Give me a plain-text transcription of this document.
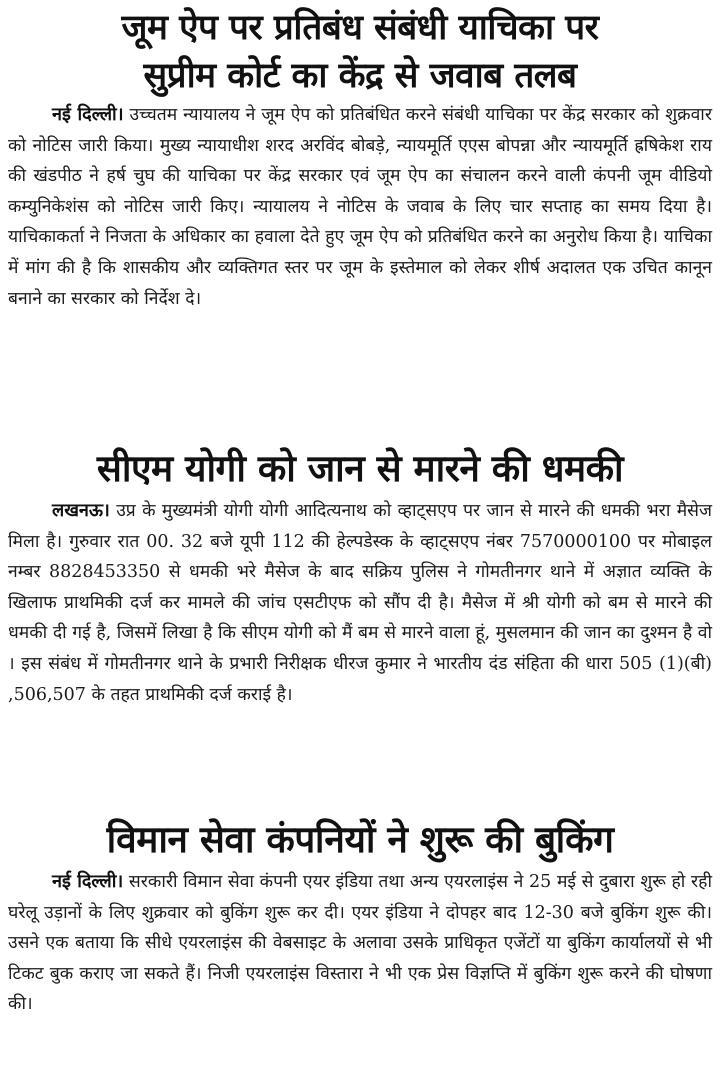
जूम ऐप पर प्रतिबंध संबंधी याचिका पर
सुप्रीम कोर्ट का केंद्र से जवाब तलब

नई दिल्ली। उच्चतम न्यायालय ने जूम ऐप को प्रतिबंधित करने संबंधी याचिका पर केंद्र सरकार को शुक्रवार को नोटिस जारी किया। मुख्य न्यायाधीश शरद अरविंद बोबड़े, न्यायमूर्ति एएस बोपन्ना और न्यायमूर्ति ह्रषिकेश राय की खंडपीठ ने हर्ष चुघ की याचिका पर केंद्र सरकार एवं जूम ऐप का संचालन करने वाली कंपनी जूम वीडियो कम्युनिकेशंस को नोटिस जारी किए। न्यायालय ने नोटिस के जवाब के लिए चार सप्ताह का समय दिया है। याचिकाकर्ता ने निजता के अधिकार का हवाला देते हुए जूम ऐप को प्रतिबंधित करने का अनुरोध किया है। याचिका में मांग की है कि शासकीय और व्यक्तिगत स्तर पर जूम के इस्तेमाल को लेकर शीर्ष अदालत एक उचित कानून बनाने का सरकार को निर्देश दे।

सीएम योगी को जान से मारने की धमकी

लखनऊ। उप्र के मुख्यमंत्री योगी योगी आदित्यनाथ को व्हाट्सएप पर जान से मारने की धमकी भरा मैसेज मिला है। गुरुवार रात 00. 32 बजे यूपी 112 की हेल्पडेस्क के व्हाट्सएप नंबर 7570000100 पर मोबाइल नम्बर 8828453350 से धमकी भरे मैसेज के बाद सक्रिय पुलिस ने गोमतीनगर थाने में अज्ञात व्यक्ति के खिलाफ प्राथमिकी दर्ज कर मामले की जांच एसटीएफ को सौंप दी है। मैसेज में श्री योगी को बम से मारने की धमकी दी गई है, जिसमें लिखा है कि सीएम योगी को मैं बम से मारने वाला हूं, मुसलमान की जान का दुश्मन है वो । इस संबंध में गोमतीनगर थाने के प्रभारी निरीक्षक धीरज कुमार ने भारतीय दंड संहिता की धारा 505 (1)(बी) ,506,507 के तहत प्राथमिकी दर्ज कराई है।

विमान सेवा कंपनियों ने शुरू की बुकिंग

नई दिल्ली। सरकारी विमान सेवा कंपनी एयर इंडिया तथा अन्य एयरलाइंस ने 25 मई से दुबारा शुरू हो रही घरेलू उड़ानों के लिए शुक्रवार को बुकिंग शुरू कर दी। एयर इंडिया ने दोपहर बाद 12-30 बजे बुकिंग शुरू की। उसने एक बताया कि सीधे एयरलाइंस की वेबसाइट के अलावा उसके प्राधिकृत एजेंटों या बुकिंग कार्यालयों से भी टिकट बुक कराए जा सकते हैं। निजी एयरलाइंस विस्तारा ने भी एक प्रेस विज्ञप्ति में बुकिंग शुरू करने की घोषणा की।
